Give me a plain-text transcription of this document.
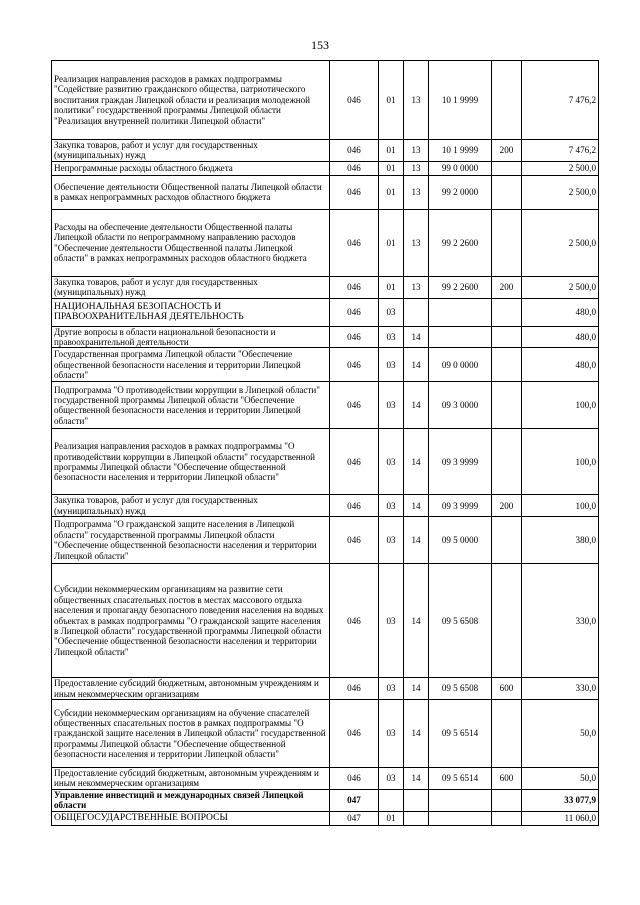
153
Реализация направления расходов в рамках подпрограммы "Содействие развитию гражданского общества, патриотического воспитания граждан Липецкой области и реализация молодежной политики" государственной программы Липецкой области "Реализация внутренней политики Липецкой области"	046	01	13	10 1 9999		7 476,2
Закупка товаров, работ и услуг для государственных (муниципальных) нужд	046	01	13	10 1 9999	200	7 476,2
Непрограммные расходы областного бюджета	046	01	13	99 0 0000		2 500,0
Обеспечение деятельности Общественной палаты Липецкой области в рамках непрограммных расходов областного бюджета	046	01	13	99 2 0000		2 500,0
Расходы на обеспечение деятельности Общественной палаты Липецкой области по непрограммному направлению расходов "Обеспечение деятельности Общественной палаты Липецкой области" в рамках непрограммных расходов областного бюджета	046	01	13	99 2 2600		2 500,0
Закупка товаров, работ и услуг для государственных (муниципальных) нужд	046	01	13	99 2 2600	200	2 500,0
НАЦИОНАЛЬНАЯ БЕЗОПАСНОСТЬ И ПРАВООХРАНИТЕЛЬНАЯ ДЕЯТЕЛЬНОСТЬ	046	03				480,0
Другие вопросы в области национальной безопасности и правоохранительной деятельности	046	03	14			480,0
Государственная программа Липецкой области "Обеспечение общественной безопасности населения и территории Липецкой области"	046	03	14	09 0 0000		480,0
Подпрограмма "О противодействии коррупции в Липецкой области" государственной программы Липецкой области "Обеспечение общественной безопасности населения и территории Липецкой области"	046	03	14	09 3 0000		100,0
Реализация направления расходов в рамках подпрограммы "О противодействии коррупции в Липецкой области" государственной программы Липецкой области "Обеспечение общественной безопасности населения и территории Липецкой области"	046	03	14	09 3 9999		100,0
Закупка товаров, работ и услуг для государственных (муниципальных) нужд	046	03	14	09 3 9999	200	100,0
Подпрограмма "О гражданской защите населения в Липецкой области" государственной программы Липецкой области "Обеспечение общественной безопасности населения и территории Липецкой области"	046	03	14	09 5 0000		380,0
Субсидии некоммерческим организациям на развитие сети общественных спасательных постов в местах массового отдыха населения и пропаганду безопасного поведения населения на водных объектах в рамках подпрограммы "О гражданской защите населения в Липецкой области" государственной программы Липецкой области "Обеспечение общественной безопасности населения и территории Липецкой области"	046	03	14	09 5 6508		330,0
Предоставление субсидий бюджетным, автономным учреждениям и иным некоммерческим организациям	046	03	14	09 5 6508	600	330,0
Субсидии некоммерческим организациям на обучение спасателей общественных спасательных постов в рамках подпрограммы "О гражданской защите населения в Липецкой области" государственной программы Липецкой области "Обеспечение общественной безопасности населения и территории Липецкой области"	046	03	14	09 5 6514		50,0
Предоставление субсидий бюджетным, автономным учреждениям и иным некоммерческим организациям	046	03	14	09 5 6514	600	50,0
Управление инвестиций и международных связей Липецкой области	047					33 077,9
ОБЩЕГОСУДАРСТВЕННЫЕ ВОПРОСЫ	047	01				11 060,0
